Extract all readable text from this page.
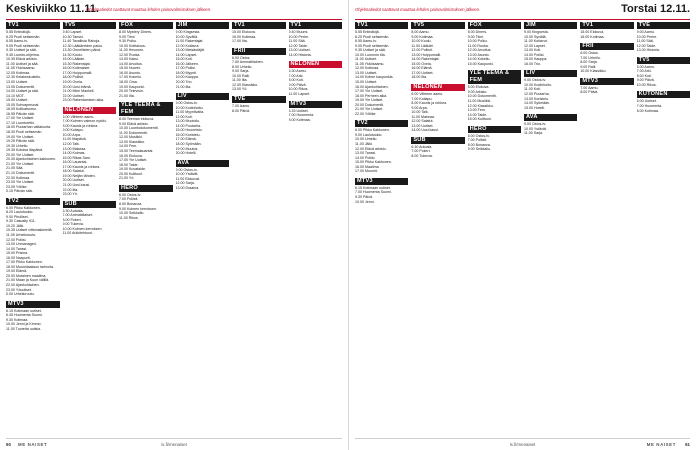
Keskiviikko 11.11.
Ohjelmatiedot saattavat muuttua lehden painovalmistuksen jälkeen.
TV1
5.55 Entinäkijä.
6.25 Puoli seitsemän.
6.55 Aamu-tv.
9.05 Puoli seitsemän.
9.35 Uutiset ja sää.
9.45 Luonto-ohjelma.
10.35 Elävä arkisto.
11.00 Uutiset ja sää.
11.05 Ykkösaamu.
12.05 Kotimaa.
12.30 Kelakeskustelu.
13.00 Uutiset.
13.05 Dokumentti.
14.00 Uutiset ja sää.
14.10 MOT.
15.00 Uutiset.
15.05 Sohvaperunat.
16.05 Kotikatsomo.
16.55 Päivän sää.
17.00 Yle Uutiset.
17.10 Luontoretki.
18.00 Puutarhan valtakunta.
18.30 Puoli seitsemän.
19.00 Yle Uutiset.
19.25 Päivän sää.
19.30 Urheilu.
19.35 Kotoisa iltapäivä.
20.00 Yle Uutiset.
20.30 Ajankohtainen kakkonen.
21.00 Yle Uutiset.
21.05 Sää.
21.10 Dokumentti.
22.00 Kotimaa.
23.00 Yle Uutiset.
23.05 Yöliike.
0.15 Päivän sää.
TV2
6.00 Pikku Kakkonen.
8.20 Laulutuokio.
9.00 Pirulliset.
9.30 Casualty 911.
10.20 Jälki.
10.35 Uutiset viittomakielellä.
11.05 Urheiluruutu.
12.00 Poliisi.
13.00 Unmanaged.
14.00 Tanssi.
15.00 Prisma.
16.00 Naapurit.
17.00 Pikku Kakkonen.
18.00 Muumilaakson tarinoita.
19.00 Elämä.
20.00 Mutainen maailma.
21.00 Maan ja Kuun välillä.
22.00 Ajankohtainen.
23.00 Yöuutiset.
0.00 Urheiluruutu.
MTV3
6.15 Kotimaan uutiset.
6.45 Huomenta Suomi.
9.30 Kotimaa.
10.00 Jenni ja Kimmo.
11.00 Tuoreita uutisia.
TV5
9.40 Lapset.
10.30 Tanssi.
11.40 Tavallisia Rahoja.
12.30 Lääkäreiden paluu.
13.30 Onnellisten päivä.
14.30 Koulu.
15.00 Lääkäri.
15.30 Rakentajat.
16.00 Kotimaiset.
17.00 Huippumalli.
18.00 Poliisit.
19.00 Ovela.
20.00 Uusi elämä.
21.00 Mimi Mankeli.
22.00 Uutiset.
23.00 Rakentamisen aika.
NELONEN
6.00 Viihteen aamu.
7.00 Kolmen vaimon nyrkki.
8.00 Kaunis ja rohkea.
9.00 Kotiapu.
10.00 Arpa.
11.00 Iltapäivä.
12.00 Talk.
13.00 Makeaa.
14.00 Kolmas.
15.00 Rikas Sam.
16.00 Lauantai.
17.00 Kaunis ja rohkea.
18.00 Salatut.
19.00 Neljän tähden.
20.00 Uutiset.
21.00 Uusi kausi.
22.00 Ilta.
23.00 Yö.
SUB
6.30 Autoala.
7.00 Ammattilaiset.
8.00 Pokeri.
9.00 Tukevia.
10.00 Kolmen kerroksen.
11.00 Arkkitehtuuri.
FOX
8.00 Mystery Diners.
9.00 Tiimi.
9.30 Polku.
10.00 Kotitalous.
11.00 Hevonen.
12.00 Ruoka.
13.00 Kaksi.
14.00 Arvoitus.
15.00 Nuoret.
16.00 Asunto.
17.00 Kokeilu.
18.00 Oma.
19.00 Kaupunki.
20.00 Televisio.
21.00 Ilta.
YLE TEEMA & FEM
8.00 Teeman elokuva.
9.00 Elävä arkisto.
10.00 Luontodokumentti.
11.00 Dokumentti.
12.00 Musiikki.
13.00 Klassikko.
14.00 Fem.
15.00 Teemalauantai.
16.00 Elokuva.
17.00 Yle Uutiset.
18.00 Taide.
19.00 Kuvataide.
20.00 Kulttuuri.
21.00 Yö.
HERO
6.00 Ostos-tv.
7.00 Poliisit.
8.00 Bonanza.
9.00 Kolmen kerroksen.
10.00 Seikkailu.
11.00 Rikos.
JIM
9.00 Kingsesta.
10.00 Syvällä.
11.00 Rakentajat.
12.00 Kotiavut.
13.00 Metsästäjät.
14.00 Lapset.
15.00 Koti.
16.00 Jälkeen.
17.00 Poliisi.
18.00 Myynti.
19.00 Kauppa.
20.00 Trio.
21.00 Ilta.
LIV
9.00 Ostos-tv.
10.00 Kodinhoito.
11.00 Myyntivalta.
12.00 Koti.
13.00 Muotoilu.
14.00 Puutarha.
15.00 Huoneisto.
16.00 Koristelu.
17.00 Elämä.
18.00 Syömään.
19.00 Muutos.
20.00 Hotelli.
AVA
9.00 Ostos-tv.
10.00 Ystävät.
11.00 Elokuvat.
12.00 Sarja.
13.00 Draama.
TV1
15.00 Elokuva.
16.00 Kotimaa.
17.00 Ilta.
FRII
6.00 Ostos.
7.00 Ammattilainen.
8.00 Urheilu.
9.00 Sarja.
10.00 Ralli.
11.00 Ilta.
12.00 Klassikko.
13.00 Yö.
TVE
7.00 Aamu.
8.00 Päivä.
TV1
9.40 Muumi.
10.00 Perhe.
11.00 Sää.
12.00 Taide.
13.00 Uutiset.
14.00 Historia.
NELONEN
6.30 Aamu.
7.00 Arki.
8.00 Koti.
9.00 Päivä.
10.00 Rikos.
11.00 Lapset.
MTV3
6.15 Uutiset.
7.00 Huomenta.
8.00 Kotimaa.
60 ME NAISET	is.fi/menaiset
Ohjelmatiedot saattavat muuttua lehden painovalmistuksen jälkeen.	Torstai 12.11.
TV1
5.55 Entinäkijä.
6.25 Puoli seitsemän.
6.55 Aamu-tv.
9.05 Puoli seitsemän.
9.35 Uutiset ja sää.
10.00 Luonnon tila.
11.00 Uutiset.
11.05 Ykkösaamu.
12.00 Kotimaa.
13.00 Uutiset.
14.00 Kolme kaupunkia.
15.00 Uutiset.
16.00 Ajankohtainen.
17.00 Yle Uutiset.
18.00 Perheen aika.
19.00 Yle Uutiset.
20.00 Dokumentti.
21.00 Yle Uutiset.
22.00 Yöliike.
TV2
6.00 Pikku Kakkonen.
9.00 Laulutuokio.
10.00 Urheilu.
11.00 Jälki.
12.00 Elävä arkisto.
13.00 Tanssi.
14.00 Poliisi.
15.00 Pikku Kakkonen.
16.00 Maailma.
17.00 Muumit.
MTV3
6.15 Kotimaan uutiset.
7.00 Huomenta Suomi.
9.30 Päivä.
10.00 Jenni.
TV5
8.00 Aamu.
9.00 Kotimaa.
10.00 Koulu.
11.00 Lääkäri.
12.00 Poliisit.
13.00 Huippumalli.
14.00 Rakentajat.
15.00 Ovela.
16.00 Elämä.
17.00 Uutiset.
18.00 Ilta.
NELONEN
6.00 Viihteen aamu.
7.00 Kotiapu.
8.00 Kaunis ja rohkea.
9.00 Arpa.
10.00 Talk.
11.00 Makeaa.
12.00 Salatut.
13.00 Uutiset.
14.00 Uusi kausi.
SUB
6.30 Autoala.
7.00 Pokeri.
8.00 Tukevia.
FOX
8.00 Diners.
9.00 Tiimi.
10.00 Polku.
11.00 Ruoka.
12.00 Arvoitus.
13.00 Asunto.
14.00 Kokeilu.
15.00 Kaupunki.
YLE TEEMA & FEM
8.00 Elokuva.
9.00 Arkisto.
10.00 Dokumentti.
11.00 Musiikki.
12.00 Klassikko.
13.00 Fem.
14.00 Taide.
15.00 Kulttuuri.
HERO
6.00 Ostos-tv.
7.00 Poliisit.
8.00 Bonanza.
9.00 Seikkailu.
JIM
9.00 Kingsesta.
10.00 Syvällä.
11.00 Kotiavut.
12.00 Lapset.
13.00 Koti.
14.00 Poliisi.
15.00 Kauppa.
16.00 Trio.
LIV
9.00 Ostos-tv.
10.00 Kodinhoito.
11.00 Koti.
12.00 Puutarha.
13.00 Koristelu.
14.00 Syömään.
15.00 Hotelli.
AVA
9.00 Ostos-tv.
10.00 Ystävät.
11.00 Sarja.
TV1
15.00 Elokuva.
16.00 Kotimaa.
FRII
6.00 Ostos.
7.00 Urheilu.
8.00 Sarja.
9.00 Ralli.
10.00 Klassikko.
MTV3
7.00 Aamu.
8.00 Päivä.
TVE
9.00 Aamu.
10.00 Perhe.
11.00 Sää.
12.00 Taide.
13.00 Historia.
TV5
6.00 Aamu.
7.00 Arki.
8.00 Koti.
9.00 Päivä.
10.00 Rikos.
KUTONEN
6.00 Uutiset.
7.00 Huomenta.
8.00 Kotimaa.
is.fi/menaiset	ME NAISET 61
